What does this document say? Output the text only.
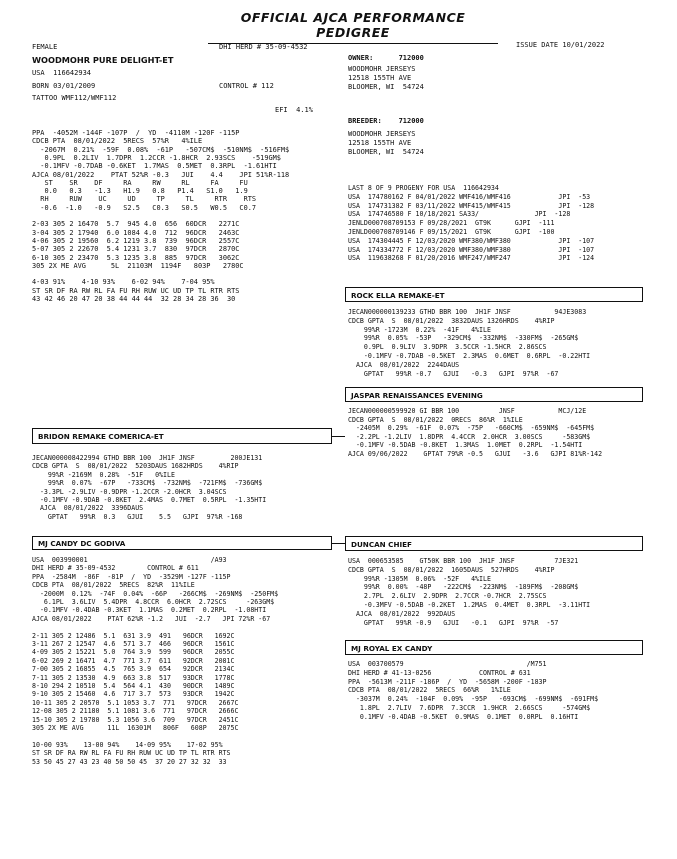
OFFICIAL AJCA PERFORMANCE PEDIGREE
FEMALE	DHI HERD # 35-09-4532	ISSUE DATE 10/01/2022
WOODMOHR PURE DELIGHT-ET
USA  116642934
BORN 03/01/2009	CONTROL # 112
TATTOO WMF112/WMF112
EFI  4.1%
OWNER:      712000
WOODMOHR JERSEYS
12518 155TH AVE
BLOOMER, WI  54724
BREEDER:    712000
WOODMOHR JERSEYS
12518 155TH AVE
BLOOMER, WI  54724
LAST 8 OF 9 PROGENY FOR USA  116642934
USA  174780162 F 04/01/2022 WMF416/WMF416            JPI  -53
USA  174731382 F 03/11/2022 WMF415/WMF415            JPI  -128
USA  174746580 F 10/18/2021 SA33/              JPI  -128
JENLD000708709153 F 09/28/2021  GT9K      GJPI  -111
JENLD000708709146 F 09/15/2021  GT9K      GJPI  -100
USA  174304445 F 12/03/2020 WMF380/WMF380            JPI  -107
USA  174334772 F 12/03/2020 WMF380/WMF380            JPI  -107
USA  119638268 F 01/20/2016 WMF247/WMF247            JPI  -124
PPA  -4052M -144F -107P  /  YD  -4110M -120F -115P
CDCB PTA  08/01/2022  5RECS  57%R   4%ILE
-2067M  0.21%  -59F  0.08%  -61P   -507CM$  -510NM$  -516FM$
0.9PL  0.2LIV  1.7DPR  1.2CCR -1.8HCR  2.93SCS    -519GM$
-0.1MFV -0.7DAB -0.6KET  1.7MAS  0.5MET  0.3RPL  -1.61HTI
AJCA 08/01/2022    PTAT 52%R -0.3   JUI    4.4    JPI 51%R-118
ST    SR    DF     RA     RW     RL     FA     FU
0.0   0.3   -1.3   H1.9   0.8   P1.4   S1.0   1.9
RH     RUW    UC     UD     TP     TL     RTR    RTS
-0.6  -1.0   -0.9   S2.5   C0.3   S0.5   W0.5   C0.7
2-03 305 2 16470  5.7  945 4.0  656  60DCR   2271C
3-04 305 2 17940  6.0 1084 4.0  712  96DCR   2463C
4-06 305 2 19560  6.2 1219 3.8  739  96DCR   2557C
5-07 305 2 22670  5.4 1231 3.7  830  97DCR   2870C
6-10 305 2 23470  5.3 1235 3.8  885  97DCR   3062C
305 2X ME AVG      5L  21103M  1194F   803P   2780C
4-03 91%    4-10 93%    6-02 94%    7-04 95%
ST SR DF RA RW RL FA FU RH RUW UC UD TP TL RTR RTS
43 42 46 20 47 20 38 44 44 44  32 28 34 28 36  30
BRIDON REMAKE COMERICA-ET
JECAN000008422994 GTHD BBR 100  JH1F JNSF         200JE131
CDCB GPTA  S  08/01/2022  5203DAUS 1682HRDS    4%RIP
99%R -2169M  0.28%  -51F   0%ILE
99%R  0.07%  -67P   -733CM$  -732NM$  -721FM$  -736GM$
-3.3PL -2.9LIV -0.9DPR -1.2CCR -2.0HCR  3.04SCS
-0.1MFV -0.9DAB -0.8KET  2.4MAS  0.7MET  0.5RPL  -1.35HTI
AJCA  08/01/2022  3396DAUS
GPTAT   99%R  0.3   GJUI    5.5   GJPI  97%R -168
MJ CANDY DC GODIVA
USA  003990001                               /A93
DHI HERD # 35-09-4532        CONTROL # 611
PPA  -2584M  -86F  -81P  /  YD  -3529M -127F -115P
CDCB PTA  08/01/2022  5RECS  82%R  11%ILE
-2000M  0.12%  -74F  0.04%  -66P   -266CM$  -269NM$  -250FM$
6.1PL  3.6LIV  5.4DPR  4.8CCR  6.0HCR  2.72SCS     -263GM$
-0.1MFV -0.4DAB -0.3KET  1.1MAS  0.2MET  0.2RPL  -1.08HTI
AJCA 08/01/2022    PTAT 62%R -1.2   JUI  -2.7   JPI 72%R -67
2-11 305 2 12486  5.1  631 3.9  491   96DCR   1692C
3-11 267 2 12547  4.6  571 3.7  466   96DCR   1561C
4-09 305 2 15221  5.0  764 3.9  599   96DCR   2055C
6-02 269 2 16471  4.7  771 3.7  611   92DCR   2081C
7-00 305 2 16855  4.5  765 3.9  654   92DCR   2134C
7-11 305 2 13530  4.9  663 3.8  517   93DCR   1778C
8-10 294 2 10510  5.4  564 4.1  430   90DCR   1489C
9-10 305 2 15460  4.6  717 3.7  573   93DCR   1942C
10-11 305 2 20570  5.1 1053 3.7  771   97DCR   2667C
12-08 305 2 21180  5.1 1081 3.6  771   97DCR   2666C
15-10 305 2 19780  5.3 1056 3.6  709   97DCR   2451C
305 2X ME AVG      11L  16301M   806F   608P   2075C
10-00 93%    13-00 94%    14-09 95%    17-02 95%
ST SR DF RA RW RL FA FU RH RUW UC UD TP TL RTR RTS
53 50 45 27 43 23 40 50 50 45  37 20 27 32 32  33
ROCK ELLA REMAKE-ET
JECAN000000139233 GTHD BBR 100  JH1F JNSF           94JE3083
CDCB GPTA  S  08/01/2022  3832DAUS 1326HRDS    4%RIP
99%R -1723M  0.22%  -41F   4%ILE
99%R  0.05%  -53P   -329CM$  -332NM$  -330FM$  -265GM$
0.9PL  0.9LIV  3.9DPR  3.5CCR -1.5HCR  2.86SCS
-0.1MFV -0.7DAB -0.5KET  2.3MAS  0.6MET  0.6RPL  -0.22HTI
AJCA  08/01/2022  2244DAUS
GPTAT   99%R -0.7   GJUI   -0.3   GJPI  97%R  -67
JASPAR RENAISSANCES EVENING
JECAN000000599920 GI BBR 100          JNSF           MCJ/12E
CDCB GPTA  S  08/01/2022  0RECS  86%R  1%ILE
-2405M  0.29%  -61F  0.07%  -75P   -660CM$  -659NM$  -645FM$
-2.2PL -1.2LIV  1.8DPR  4.4CCR  2.0HCR  3.00SCS     -583GM$
-0.1MFV -0.5DAB -0.8KET  1.3MAS  1.0MET  0.2RPL  -1.54HTI
AJCA 09/06/2022    GPTAT 79%R -0.5   GJUI   -3.6   GJPI 81%R-142
DUNCAN CHIEF
USA  000653585    GT50K BBR 100  JH1F JNSF          7JE321
CDCB GPTA  S  08/01/2022  1605DAUS  527HRDS    4%RIP
99%R -1305M  0.06%  -52F   4%ILE
99%R  0.00%  -48P   -222CM$  -223NM$  -189FM$  -208GM$
2.7PL  2.6LIV  2.9DPR  2.7CCR -0.7HCR  2.75SCS
-0.3MFV -0.5DAB -0.2KET  1.2MAS  0.4MET  0.3RPL  -3.11HTI
AJCA  08/01/2022  992DAUS
GPTAT   99%R -0.9   GJUI   -0.1   GJPI  97%R  -57
MJ ROYAL EX CANDY
USA  003700579                               /M751
DHI HERD # 41-13-0256            CONTROL # 631
PPA  -5613M -211F -186P  /  YD  -5658M -200F -183P
CDCB PTA  08/01/2022  5RECS  66%R   1%ILE
-3037M  0.24%  -104F  0.09%  -95P   -693CM$  -699NM$  -691FM$
1.8PL  2.7LIV  7.6DPR  7.3CCR  1.9HCR  2.66SCS     -574GM$
0.1MFV -0.4DAB -0.5KET  0.9MAS  0.1MET  0.0RPL  0.16HTI
